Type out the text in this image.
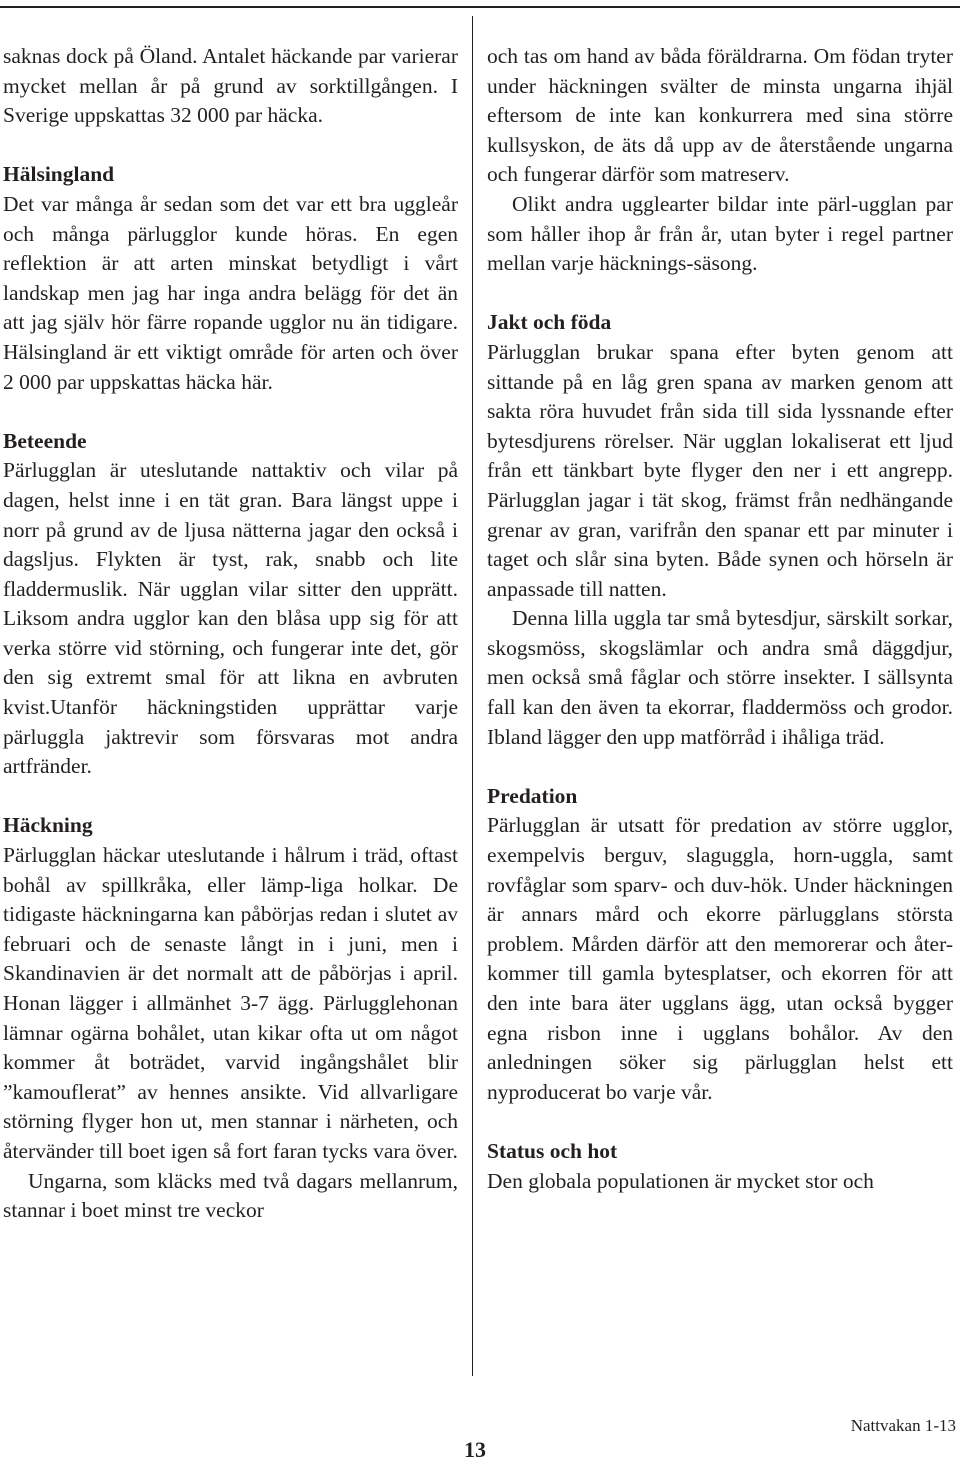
saknas dock på Öland. Antalet häckande par varierar mycket mellan år på grund av sorktillgången. I Sverige uppskattas 32 000 par häcka.

Hälsingland

Det var många år sedan som det var ett bra uggleår och många pärlugglor kunde höras. En egen reflektion är att arten minskat betydligt i vårt landskap men jag har inga andra belägg för det än att jag själv hör färre ropande ugglor nu än tidigare. Hälsingland är ett viktigt område för arten och över 2 000 par uppskattas häcka här.

Beteende

Pärlugglan är uteslutande nattaktiv och vilar på dagen, helst inne i en tät gran. Bara längst uppe i norr på grund av de ljusa nätterna jagar den också i dagsljus. Flykten är tyst, rak, snabb och lite fladdermuslik. När ugglan vilar sitter den upprätt. Liksom andra ugglor kan den blåsa upp sig för att verka större vid störning, och fungerar inte det, gör den sig extremt smal för att likna en avbruten kvist.Utanför häckningstiden upprättar varje pärluggla jaktrevir som försvaras mot andra artfränder.

Häckning

Pärlugglan häckar uteslutande i hålrum i träd, oftast bohål av spillkråka, eller lämp-liga holkar. De tidigaste häckningarna kan påbörjas redan i slutet av februari och de senaste långt in i juni, men i Skandinavien är det normalt att de påbörjas i april. Honan lägger i allmänhet 3-7 ägg. Pärlugglehonan lämnar ogärna bohålet, utan kikar ofta ut om något kommer åt boträdet, varvid ingångshålet blir ”kamouflerat” av hennes ansikte. Vid allvarligare störning flyger hon ut, men stannar i närheten, och återvänder till boet igen så fort faran tycks vara över.

Ungarna, som kläcks med två dagars mellanrum, stannar i boet minst tre veckor

och tas om hand av båda föräldrarna. Om födan tryter under häckningen svälter de minsta ungarna ihjäl eftersom de inte kan konkurrera med sina större kullsyskon, de äts då upp av de återstående ungarna och fungerar därför som matreserv.

Olikt andra ugglearter bildar inte pärl-ugglan par som håller ihop år från år, utan byter i regel partner mellan varje häcknings-säsong.

Jakt och föda

Pärlugglan brukar spana efter byten genom att sittande på en låg gren spana av marken genom att sakta röra huvudet från sida till sida lyssnande efter bytesdjurens rörelser. När ugglan lokaliserat ett ljud från ett tänkbart byte flyger den ner i ett angrepp. Pärlugglan jagar i tät skog, främst från nedhängande grenar av gran, varifrån den spanar ett par minuter i taget och slår sina byten. Både synen och hörseln är anpassade till natten.

Denna lilla uggla tar små bytesdjur, särskilt sorkar, skogsmöss, skogslämlar och andra små däggdjur, men också små fåglar och större insekter. I sällsynta fall kan den även ta ekorrar, fladdermöss och grodor. Ibland lägger den upp matförråd i ihåliga träd.

Predation

Pärlugglan är utsatt för predation av större ugglor, exempelvis berguv, slaguggla, horn-uggla, samt rovfåglar som sparv- och duv-hök. Under häckningen är annars mård och ekorre pärlugglans största problem. Mården därför att den memorerar och åter-kommer till gamla bytesplatser, och ekorren för att den inte bara äter ugglans ägg, utan också bygger egna risbon inne i ugglans bohålor. Av den anledningen söker sig pärlugglan helst ett nyproducerat bo varje vår.

Status och hot

Den globala populationen är mycket stor och

13
Nattvakan 1-13
